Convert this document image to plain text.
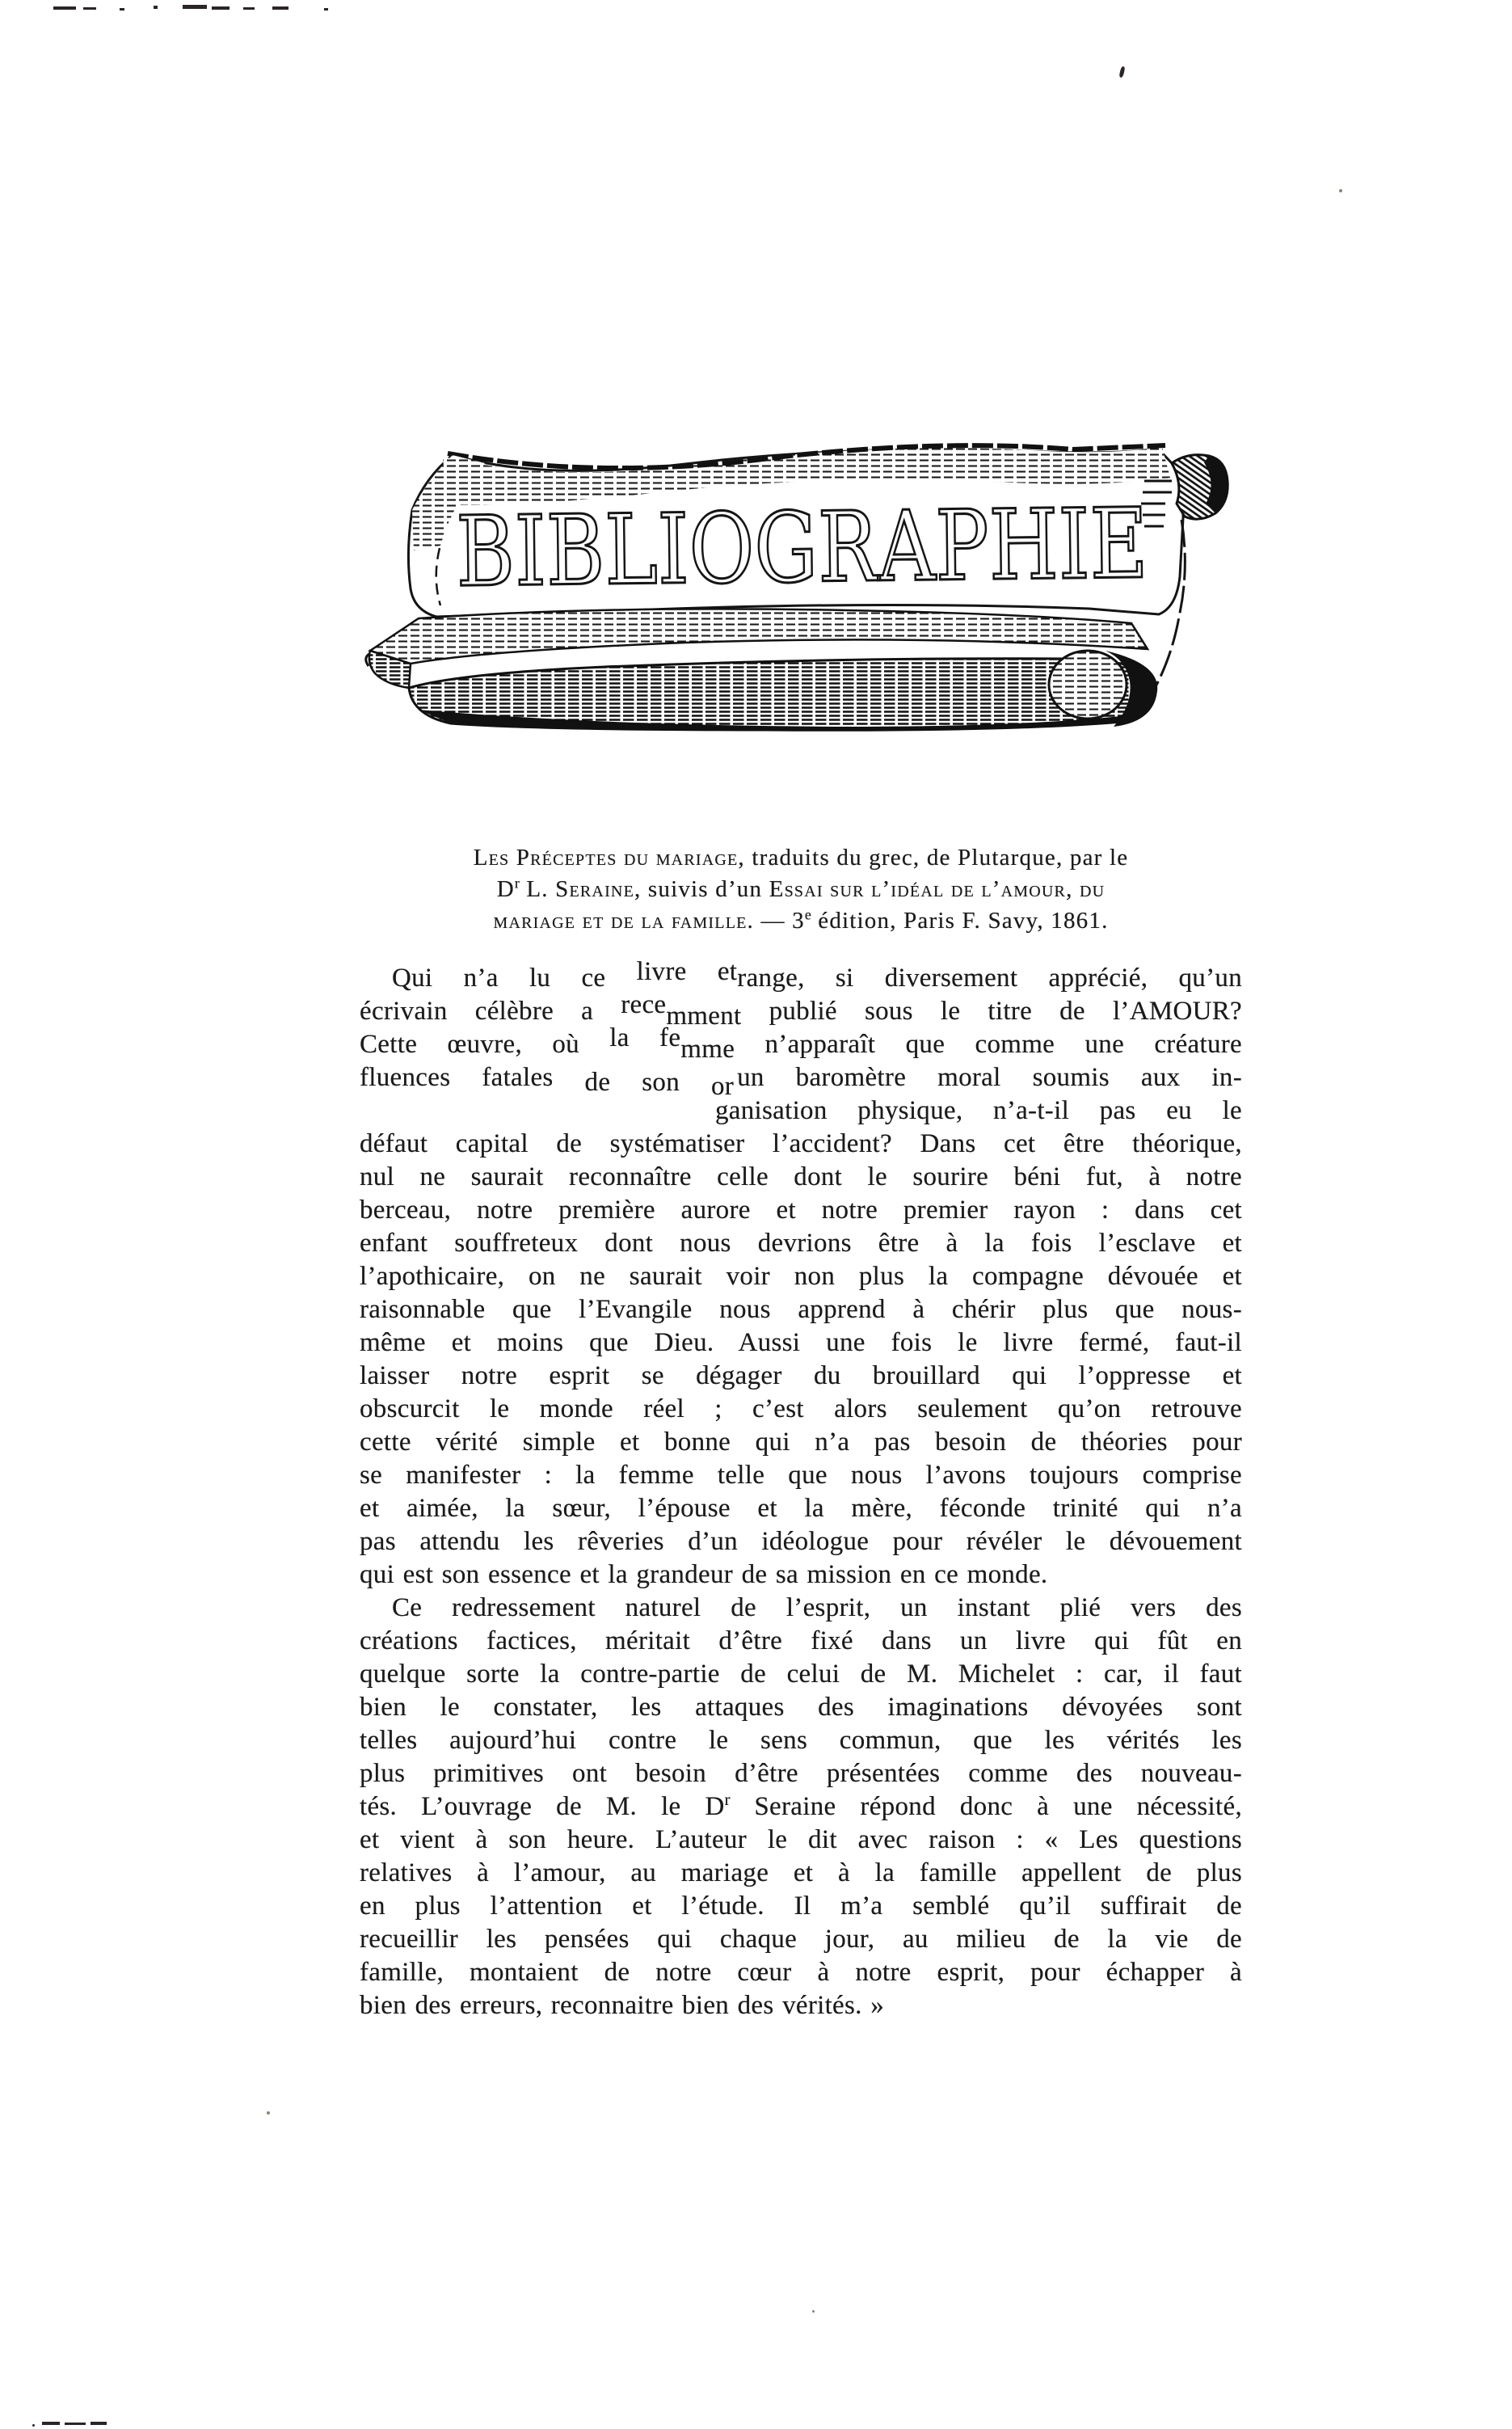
BIBLIOGRAPHIE
Les Préceptes du mariage, traduits du grec, de Plutarque, par le
$D^r$ L. Seraine, suivis d’un Essai sur l’idéal de l’amour, du
mariage et de la famille. — 3e édition, Paris F. Savy, 1861.
Qui n’a lu ce livre etrange, si diversement apprécié, qu’un
écrivain célèbre a recemment publié sous le titre de l’AMOUR?
Cette œuvre, où la femme n’apparaît que comme une créature
fluences fatales de son or un baromètre moral soumis aux in-
ganisation physique, n’a-t-il pas eu le
défaut capital de systématiser l’accident? Dans cet être théorique,
nul ne saurait reconnaître celle dont le sourire béni fut, à notre
berceau, notre première aurore et notre premier rayon : dans cet
enfant souffreteux dont nous devrions être à la fois l’esclave et
l’apothicaire, on ne saurait voir non plus la compagne dévouée et
raisonnable que l’Evangile nous apprend à chérir plus que nous-
même et moins que Dieu. Aussi une fois le livre fermé, faut-il
laisser notre esprit se dégager du brouillard qui l’oppresse et
obscurcit le monde réel ; c’est alors seulement qu’on retrouve
cette vérité simple et bonne qui n’a pas besoin de théories pour
se manifester : la femme telle que nous l’avons toujours comprise
et aimée, la sœur, l’épouse et la mère, féconde trinité qui n’a
pas attendu les rêveries d’un idéologue pour révéler le dévouement
qui est son essence et la grandeur de sa mission en ce monde.
Ce redressement naturel de l’esprit, un instant plié vers des
créations factices, méritait d’être fixé dans un livre qui fût en
quelque sorte la contre-partie de celui de M. Michelet : car, il faut
bien le constater, les attaques des imaginations dévoyées sont
telles aujourd’hui contre le sens commun, que les vérités les
plus primitives ont besoin d’être présentées comme des nouveau-
tés. L’ouvrage de M. le $D^r$ Seraine répond donc à une nécessité,
et vient à son heure. L’auteur le dit avec raison : « Les questions
relatives à l’amour, au mariage et à la famille appellent de plus
en plus l’attention et l’étude. Il m’a semblé qu’il suffirait de
recueillir les pensées qui chaque jour, au milieu de la vie de
famille, montaient de notre cœur à notre esprit, pour échapper à
bien des erreurs, reconnaitre bien des vérités. »
